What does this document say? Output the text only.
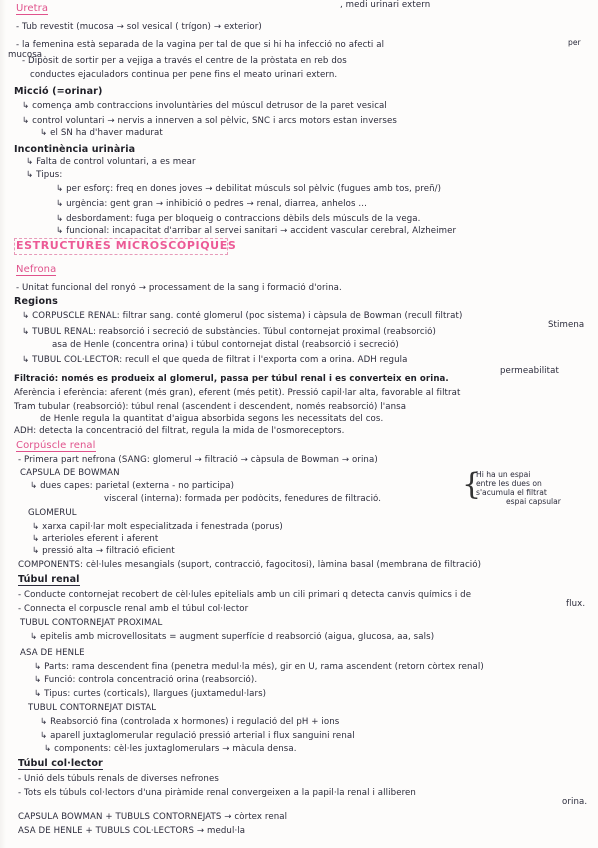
Uretra	, medi urinari extern
- Tub revestit (mucosa → sol vesical ( trígon) → exterior)
- la femenina està separada de la vagina per tal de que si hi ha infecció no afecti al
mucosa
- Dipòsit de sortir per a vejiga a través el centre de la pròstata en reb dos
conductes ejaculadors continua per pene fins el meato urinari extern.
Micció (=orinar)
↳ comença amb contraccions involuntàries del múscul detrusor de la paret vesical
↳ control voluntari → nervis a innerven a sol pèlvic, SNC i arcs motors estan inverses
↳ el SN ha d'haver madurat
Incontinència urinària
↳ Falta de control voluntari, a es mear
↳ Tipus:
↳ per esforç: freq en dones joves → debilitat músculs sol pèlvic (fugues amb tos, preñ/)
↳ urgència: gent gran → inhibició o pedres → renal, diarrea, anhelos ...
↳ desbordament: fuga per bloqueig o contraccions dèbils dels músculs de la vega.
↳ funcional: incapacitat d'arribar al servei sanitari → accident vascular cerebral, Alzheimer
ESTRUCTURES MICROSCÒPIQUES
Nefrona
- Unitat funcional del ronyó → processament de la sang i formació d'orina.
Regions
↳ CORPÚSCLE RENAL: filtrar sang. conté glomerul (poc sistema) i càpsula de Bowman (recull filtrat)
Stimena
↳ TÚBUL RENAL: reabsorció i secreció de substàncies. Túbul contornejat proximal (reabsorció)
asa de Henle (concentra orina) i túbul contornejat distal (reabsorció i secreció)
↳ TÚBUL COL·LECTOR: recull el que queda de filtrat i l'exporta com a orina. ADH regula
permeabilitat
Filtració: només es produeix al glomerul, passa per túbul renal i es converteix en orina.
Aferència i eferència: aferent (més gran), eferent (més petit). Pressió capil·lar alta, favorable al filtrat
Tram tubular (reabsorció): túbul renal (ascendent i descendent, només reabsorció) l'ansa
de Henle regula la quantitat d'aigua absorbida segons les necessitats del cos.
ADH: detecta la concentració del filtrat, regula la mida de l'osmoreceptors.
Corpúscle renal
- Primera part nefrona (SANG: glomerul → filtració → càpsula de Bowman → orina)
CÀPSULA DE BOWMAN
↳ dues capes: parietal (externa - no participa)
visceral (interna): formada per podòcits, fenedures de filtració.
GLOMÈRUL
↳ xarxa capil·lar molt especialitzada i fenestrada (porus)
↳ arterioles eferent i aferent
↳ pressió alta → filtració eficient
COMPONENTS: cèl·lules mesangials (suport, contracció, fagocitosi), làmina basal (membrana de filtració)
Túbul renal
- Conducte contornejat recobert de cèl·lules epitelials amb un cili primari q detecta canvis químics i de
flux.
- Connecta el corpuscle renal amb el túbul col·lector
TÚBUL CONTORNEJAT PROXIMAL
↳ epitelis amb microvellositats = augment superfície d reabsorció (aigua, glucosa, aa, sals)
ASA DE HENLE
↳ Parts: rama descendent fina (penetra medul·la més), gir en U, rama ascendent (retorn còrtex renal)
↳ Funció: controla concentració orina (reabsorció).
↳ Tipus: curtes (corticals), llargues (juxtamedul·lars)
TÚBUL CONTORNEJAT DISTAL
↳ Reabsorció fina (controlada x hormones) i regulació del pH + ions
↳ aparell juxtaglomerular regulació pressió arterial i flux sanguini renal
↳ components: cèl·les juxtaglomerulars → màcula densa.
Túbul col·lector
- Unió dels túbuls renals de diverses nefrones
- Tots els túbuls col·lectors d'una piràmide renal convergeixen a la papil·la renal i alliberen
orina.
CÀPSULA BOWMAN + TÚBULS CONTORNEJATS → còrtex renal
ASA DE HENLE + TÚBULS COL·LECTORS → medul·la
{
Hi ha un espai
entre les dues on
s'acumula el filtrat
espai capsular
per
